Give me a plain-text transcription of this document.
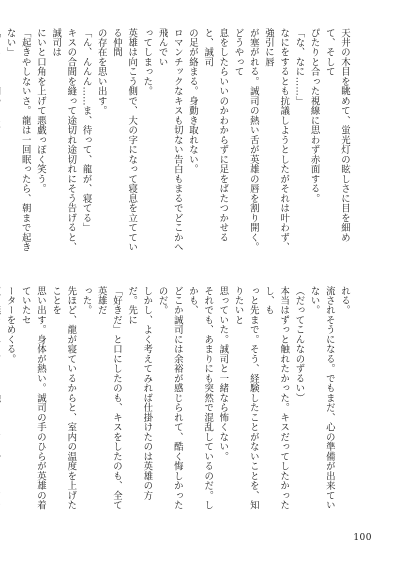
天井の木目を眺めて、蛍光灯の眩しさに目を細めて、そして
ぴたりと合った視線に思わず赤面する。
「な、なに……」
なにをするとも抗議しようとしたがそれは叶わず、強引に唇
が塞がれる。誠司の熱い舌が英雄の唇を割り開く。どうやって
息をしたらいいのかわからずに足をばたつかせると、誠司
の足が絡まる。身動き取れない。
ロマンチックなキスも切ない告白もまるでどこかへ飛んでい
ってしまった。
英雄は向こう側で、大の字になって寝息を立てている仲間
の存在を思い出す。
「ん、んんん……ま、待って、龍が、寝てる」
キスの合間を縫って途切れ途切れにそう告げると、誠司は
にいと口角を上げて悪戯っぽく笑う。
「起きやしないさ。龍は一回眠ったら、朝まで起きない」

れる。
流されそうになる。でもまだ、心の準備が出来ていない。
（だってこんなのずるい）
本当はずっと触れたかった。キスだってしたかったし、も
っと先まで。そう、経験したことがないことを、知りたいと
思っていた。誠司と一緒なら怖くない。
それでも、あまりにも突然で混乱しているのだ。しかも、
どこか誠司には余裕が感じられて、酷く悔しかったのだ。
しかし、よく考えてみれば仕掛けたのは英雄の方だ。先に
「好きだ」と口にしたのも、キスをしたのも、全て英雄だ
った。
先ほど、龍が寝ているからと、室内の温度を上げたことを
思い出す。身体が熱い。誠司の手のひらが英雄の着ていたセ
ーターをめくる。

100
